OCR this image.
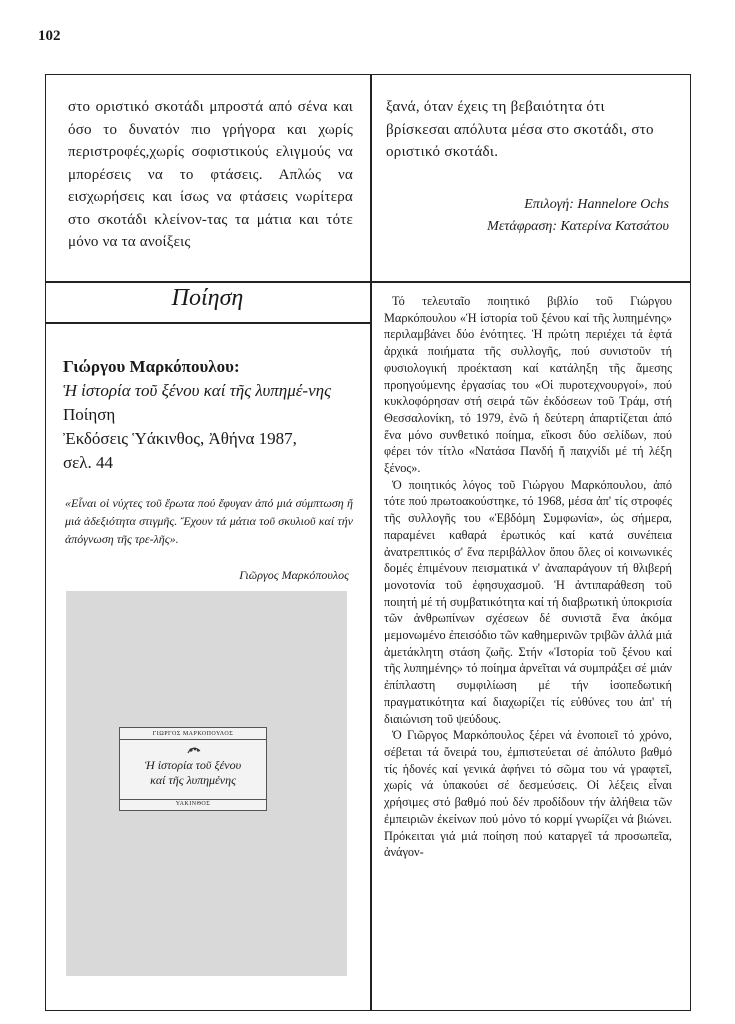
102
στο οριστικό σκοτάδι μπροστά από σένα και όσο το δυνατόν πιο γρήγορα και χωρίς περιστροφές,χωρίς σοφιστικούς ελιγμούς να μπορέσεις να το φτάσεις. Απλώς να εισχωρήσεις και ίσως να φτάσεις νωρίτερα στο σκοτάδι κλείνον-τας τα μάτια και τότε μόνο να τα ανοίξεις
ξανά, όταν έχεις τη βεβαιότητα ότι βρίσκεσαι απόλυτα μέσα στο σκοτάδι, στο οριστικό σκοτάδι.
Επιλογή: Hannelore Ochs
Μετάφραση: Κατερίνα Κατσάτου
Ποίηση
Γιώργου Μαρκόπουλου:
Ἡ ἱστορία τοῦ ξένου καί τῆς λυπημέ-νης
Ποίηση
Ἐκδόσεις Ὑάκινθος, Ἀθήνα 1987,
σελ. 44
«Εἶναι οἱ νύχτες τοῦ ἔρωτα πού ἔφυγαν ἀπό μιά σύμπτωση ἤ μιά ἀδεξιότητα στιγμῆς. Ἔχουν τά μάτια τοῦ σκυλιοῦ καί τήν ἀπόγνωση τῆς τρε-λῆς».
Γιῶργος Μαρκόπουλος
ΓΙΩΡΓΟΣ ΜΑΡΚΟΠΟΥΛΟΣ
Ἡ ἱστορία τοῦ ξένου
καί τῆς λυπημένης
ΥΑΚΙΝΘΟΣ

Τό τελευταῖο ποιητικό βιβλίο τοῦ Γιώργου Μαρκόπουλου «Ἡ ἱστορία τοῦ ξένου καί τῆς λυπημένης» περιλαμβάνει δύο ἑνότητες. Ἡ πρώτη περιέχει τά ἑφτά ἀρχικά ποιήματα τῆς συλλογῆς, πού συνιστοῦν τή φυσιολογική προέκταση καί κατάληξη τῆς ἄμεσης προηγούμενης ἐργασίας του «Οἱ πυροτεχνουργοί», πού κυκλοφόρησαν στή σειρά τῶν ἐκδόσεων τοῦ Τράμ, στή Θεσσαλονίκη, τό 1979, ἐνῶ ἡ δεύτερη ἀπαρτίζεται ἀπό ἕνα μόνο συνθετικό ποίημα, εἴκοσι δύο σελίδων, πού φέρει τόν τίτλο «Νατάσα Πανδή ἤ παιχνίδι μέ τή λέξη ξένος».

Ὁ ποιητικός λόγος τοῦ Γιώργου Μαρκόπουλου, ἀπό τότε πού πρωτοακούστηκε, τό 1968, μέσα ἀπ' τίς στροφές τῆς συλλογῆς του «Ἑβδόμη Συμφωνία», ὡς σήμερα, παραμένει καθαρά ἐρωτικός καί κατά συνέπεια ἀνατρεπτικός σ' ἕνα περιβάλλον ὅπου ὅλες οἱ κοινωνικές δομές ἐπιμένουν πεισματικά ν' ἀναπαράγουν τή θλιβερή μονοτονία τοῦ ἐφησυχασμοῦ. Ἡ ἀντιπαράθεση τοῦ ποιητή μέ τή συμβατικότητα καί τή διαβρωτική ὑποκρισία τῶν ἀνθρωπίνων σχέσεων δέ συνιστᾶ ἕνα ἀκόμα μεμονωμένο ἐπεισόδιο τῶν καθημερινῶν τριβῶν ἀλλά μιά ἀμετάκλητη στάση ζωῆς. Στήν «Ἱστορία τοῦ ξένου καί τῆς λυπημένης» τό ποίημα ἀρνεῖται νά συμπράξει σέ μιάν ἐπίπλαστη συμφιλίωση μέ τήν ἰσοπεδωτική πραγματικότητα καί διαχωρίζει τίς εὐθύνες του ἀπ' τή διαιώνιση τοῦ ψεύδους.

Ὁ Γιῶργος Μαρκόπουλος ξέρει νά ἑνοποιεῖ τό χρόνο, σέβεται τά ὄνειρά του, ἐμπιστεύεται σέ ἀπόλυτο βαθμό τίς ἡδονές καί γενικά ἀφήνει τό σῶμα του νά γραφτεῖ, χωρίς νά ὑπακούει σέ δεσμεύσεις. Οἱ λέξεις εἶναι χρήσιμες στό βαθμό πού δέν προδίδουν τήν ἀλήθεια τῶν ἐμπειριῶν ἐκείνων πού μόνο τό κορμί γνωρίζει νά βιώνει. Πρόκειται γιά μιά ποίηση πού καταργεῖ τά προσωπεῖα, ἀνάγον-
